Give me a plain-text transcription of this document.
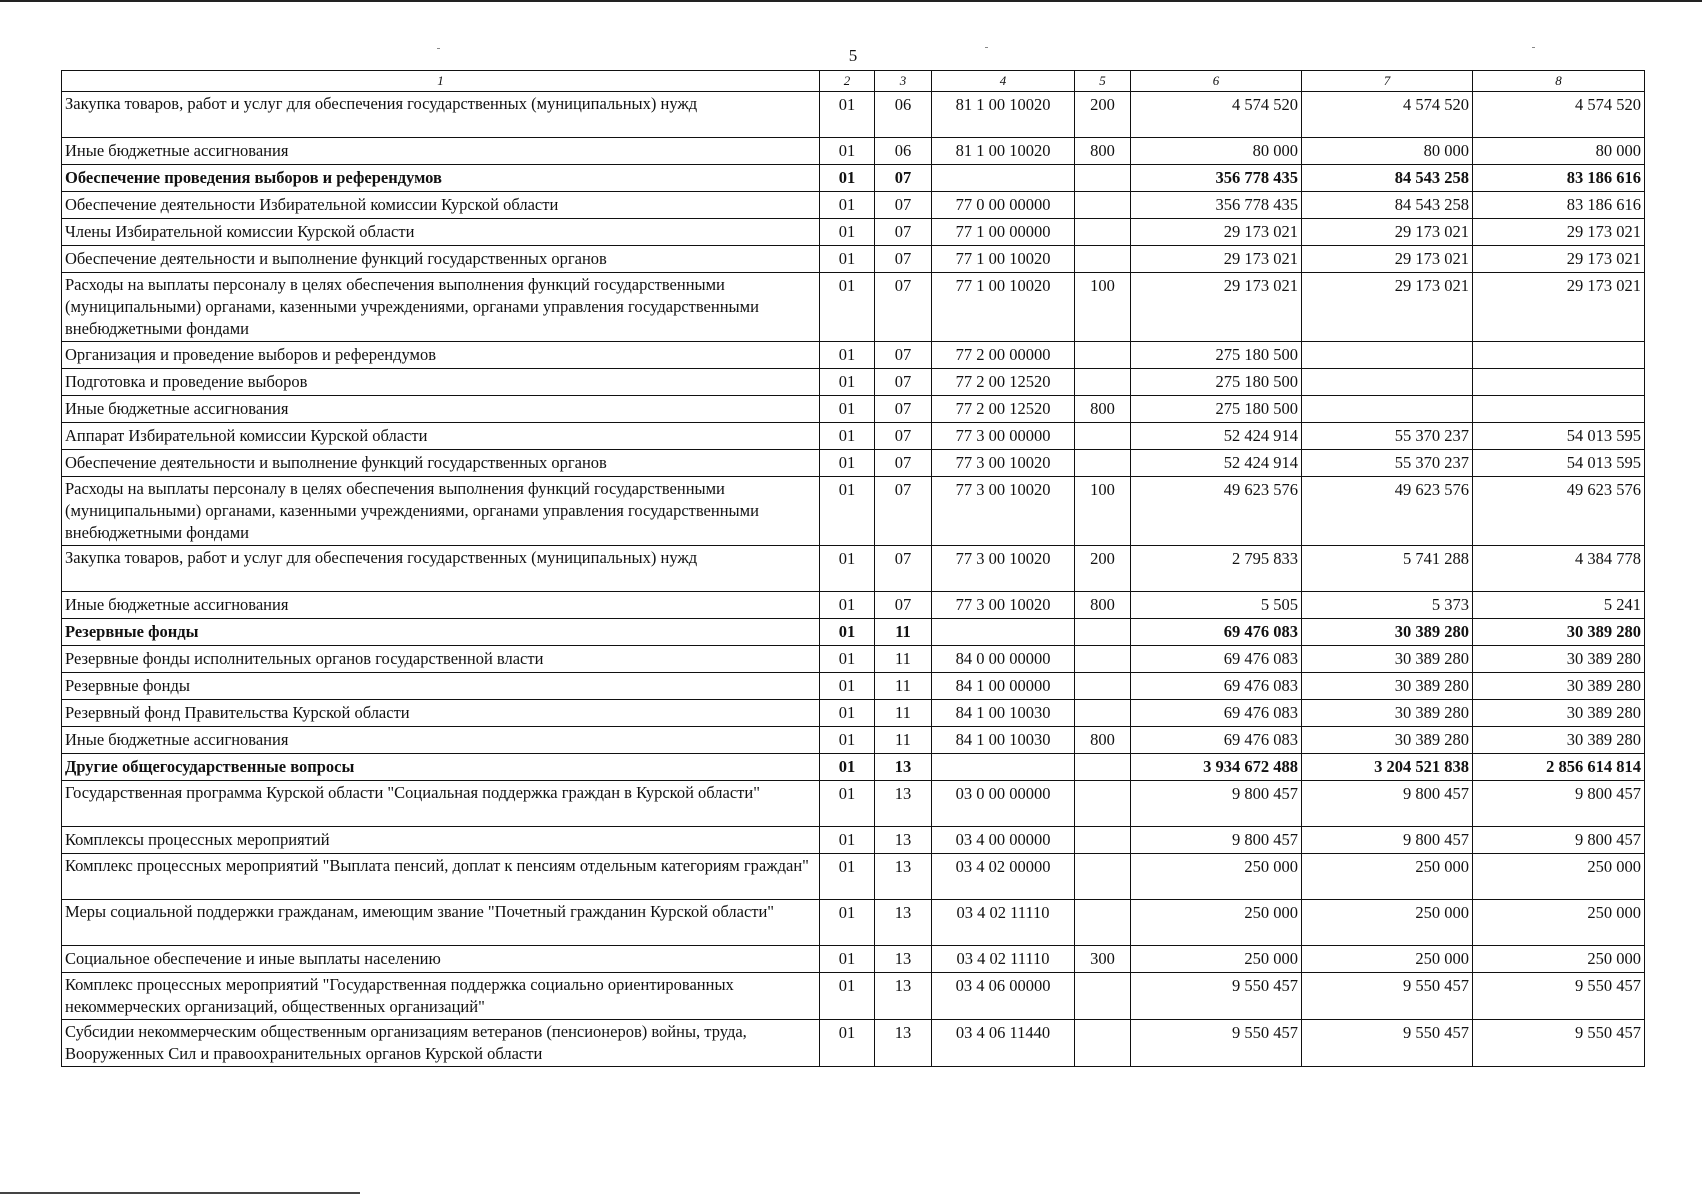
5
1	2	3	4	5	6	7	8
Закупка товаров, работ и услуг для обеспечения государственных (муниципальных) нужд	01	06	81 1 00 10020	200	4 574 520	4 574 520	4 574 520
Иные бюджетные ассигнования	01	06	81 1 00 10020	800	80 000	80 000	80 000
Обеспечение проведения выборов и референдумов	01	07			356 778 435	84 543 258	83 186 616
Обеспечение деятельности Избирательной комиссии Курской области	01	07	77 0 00 00000		356 778 435	84 543 258	83 186 616
Члены Избирательной комиссии Курской области	01	07	77 1 00 00000		29 173 021	29 173 021	29 173 021
Обеспечение деятельности и выполнение функций государственных органов	01	07	77 1 00 10020		29 173 021	29 173 021	29 173 021
Расходы на выплаты персоналу в целях обеспечения выполнения функций государственными (муниципальными) органами, казенными учреждениями, органами управления государственными внебюджетными фондами	01	07	77 1 00 10020	100	29 173 021	29 173 021	29 173 021
Организация и проведение выборов и референдумов	01	07	77 2 00 00000		275 180 500		
Подготовка и проведение выборов	01	07	77 2 00 12520		275 180 500		
Иные бюджетные ассигнования	01	07	77 2 00 12520	800	275 180 500		
Аппарат Избирательной комиссии Курской области	01	07	77 3 00 00000		52 424 914	55 370 237	54 013 595
Обеспечение деятельности и выполнение функций государственных органов	01	07	77 3 00 10020		52 424 914	55 370 237	54 013 595
Расходы на выплаты персоналу в целях обеспечения выполнения функций государственными (муниципальными) органами, казенными учреждениями, органами управления государственными внебюджетными фондами	01	07	77 3 00 10020	100	49 623 576	49 623 576	49 623 576
Закупка товаров, работ и услуг для обеспечения государственных (муниципальных) нужд	01	07	77 3 00 10020	200	2 795 833	5 741 288	4 384 778
Иные бюджетные ассигнования	01	07	77 3 00 10020	800	5 505	5 373	5 241
Резервные фонды	01	11			69 476 083	30 389 280	30 389 280
Резервные фонды исполнительных органов государственной власти	01	11	84 0 00 00000		69 476 083	30 389 280	30 389 280
Резервные фонды	01	11	84 1 00 00000		69 476 083	30 389 280	30 389 280
Резервный фонд Правительства Курской области	01	11	84 1 00 10030		69 476 083	30 389 280	30 389 280
Иные бюджетные ассигнования	01	11	84 1 00 10030	800	69 476 083	30 389 280	30 389 280
Другие общегосударственные вопросы	01	13			3 934 672 488	3 204 521 838	2 856 614 814
Государственная программа Курской области "Социальная поддержка граждан в Курской области"	01	13	03 0 00 00000		9 800 457	9 800 457	9 800 457
Комплексы процессных мероприятий	01	13	03 4 00 00000		9 800 457	9 800 457	9 800 457
Комплекс процессных мероприятий "Выплата пенсий, доплат к пенсиям отдельным категориям граждан"	01	13	03 4 02 00000		250 000	250 000	250 000
Меры социальной поддержки гражданам, имеющим звание "Почетный гражданин Курской области"	01	13	03 4 02 11110		250 000	250 000	250 000
Социальное обеспечение и иные выплаты населению	01	13	03 4 02 11110	300	250 000	250 000	250 000
Комплекс процессных мероприятий "Государственная поддержка социально ориентированных некоммерческих организаций, общественных организаций"	01	13	03 4 06 00000		9 550 457	9 550 457	9 550 457
Субсидии некоммерческим общественным организациям ветеранов (пенсионеров) войны, труда, Вооруженных Сил и правоохранительных органов Курской области	01	13	03 4 06 11440		9 550 457	9 550 457	9 550 457
